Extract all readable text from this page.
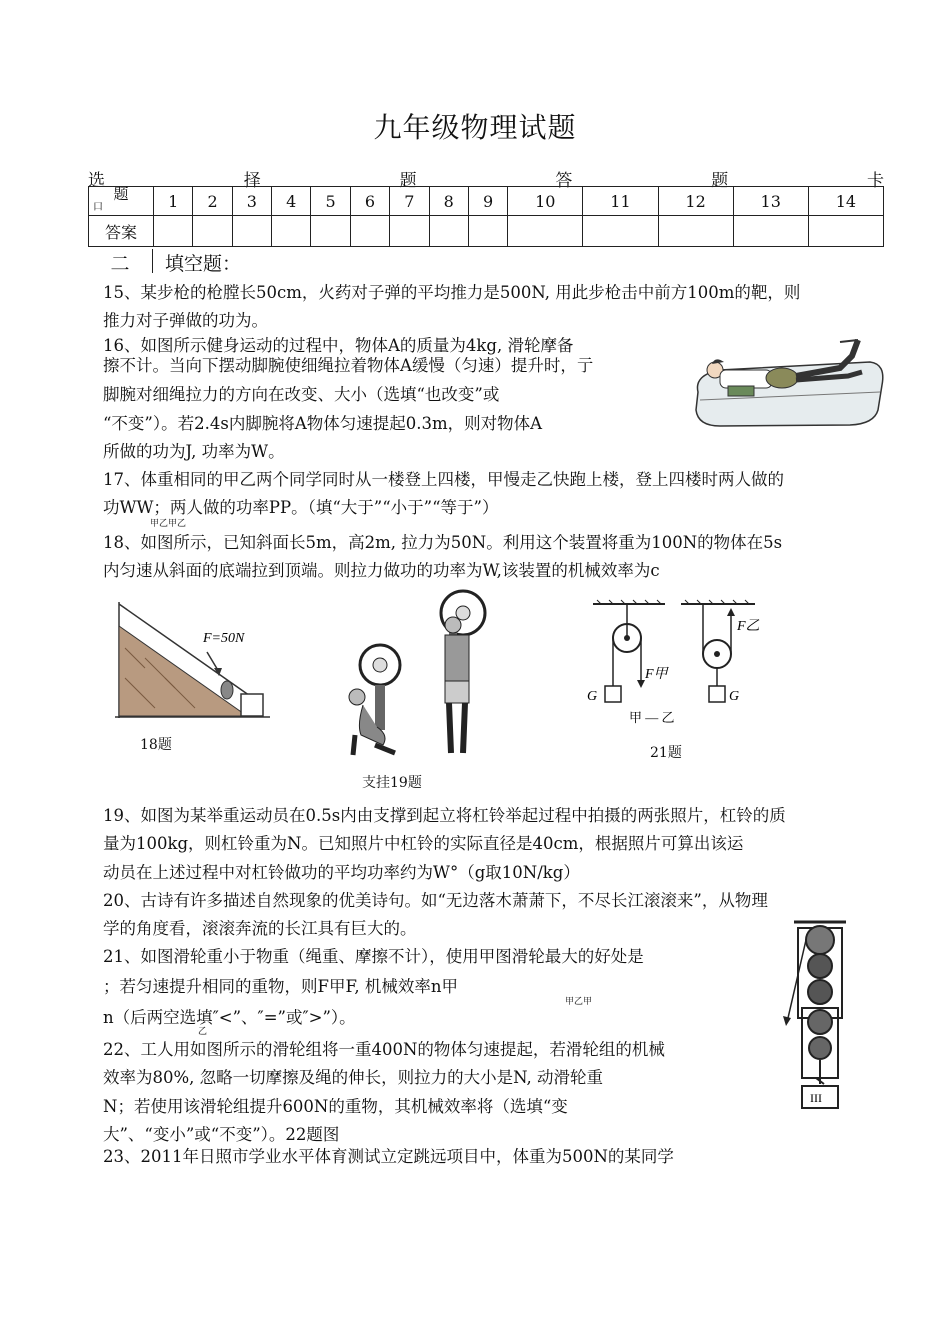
九年级物理试题
选	择	题	答	题	卡
题
口	1	2	3	4	5	6	7	8	9	10	11	12	13	14
答案														
二 填空题：
15、某步枪的枪膛长50cm，火药对子弹的平均推力是500N, 用此步枪击中前方100m的靶，则
推力对子弹做的功为。
16、如图所示健身运动的过程中，物体A的质量为4kg, 滑轮摩备
擦不计。当向下摆动脚腕使细绳拉着物体A缓慢（匀速）提升时，亍
脚腕对细绳拉力的方向在改变、大小（选填“也改变”或
“不变”）。若2.4s内脚腕将A物体匀速提起0.3m，则对物体A
所做的功为J, 功率为W。
17、体重相同的甲乙两个同学同时从一楼登上四楼，甲慢走乙快跑上楼，登上四楼时两人做的
功WW；两人做的功率PP。（填“大于”“小于”“等于”）
甲乙甲乙
18、如图所示，已知斜面长5m，高2m, 拉力为50N。利用这个装置将重为100N的物体在5s
内匀速从斜面的底端拉到顶端。则拉力做功的功率为W,该装置的机械效率为c
F=50N
18题
支挂19题
G
F甲
G
F乙
甲 — 乙
21题
19、如图为某举重运动员在0.5s内由支撑到起立将杠铃举起过程中拍摄的两张照片，杠铃的质
量为100kg，则杠铃重为N。已知照片中杠铃的实际直径是40cm，根据照片可算出该运
动员在上述过程中对杠铃做功的平均功率约为W°（g取10N/kg）
20、古诗有许多描述自然现象的优美诗句。如“无边落木萧萧下，不尽长江滚滚来”，从物理
学的角度看，滚滚奔流的长江具有巨大的。
21、如图滑轮重小于物重（绳重、摩擦不计），使用甲图滑轮最大的好处是
；若匀速提升相同的重物，则F甲F, 机械效率n甲
甲乙甲
n（后两空选填″<”、″=”或″>”）。
乙
22、工人用如图所示的滑轮组将一重400N的物体匀速提起，若滑轮组的机械
效率为80%, 忽略一切摩擦及绳的伸长，则拉力的大小是N, 动滑轮重
N；若使用该滑轮组提升600N的重物，其机械效率将（选填“变
大”、“变小”或“不变”）。22题图
23、2011年日照市学业水平体育测试立定跳远项目中，体重为500N的某同学
III
